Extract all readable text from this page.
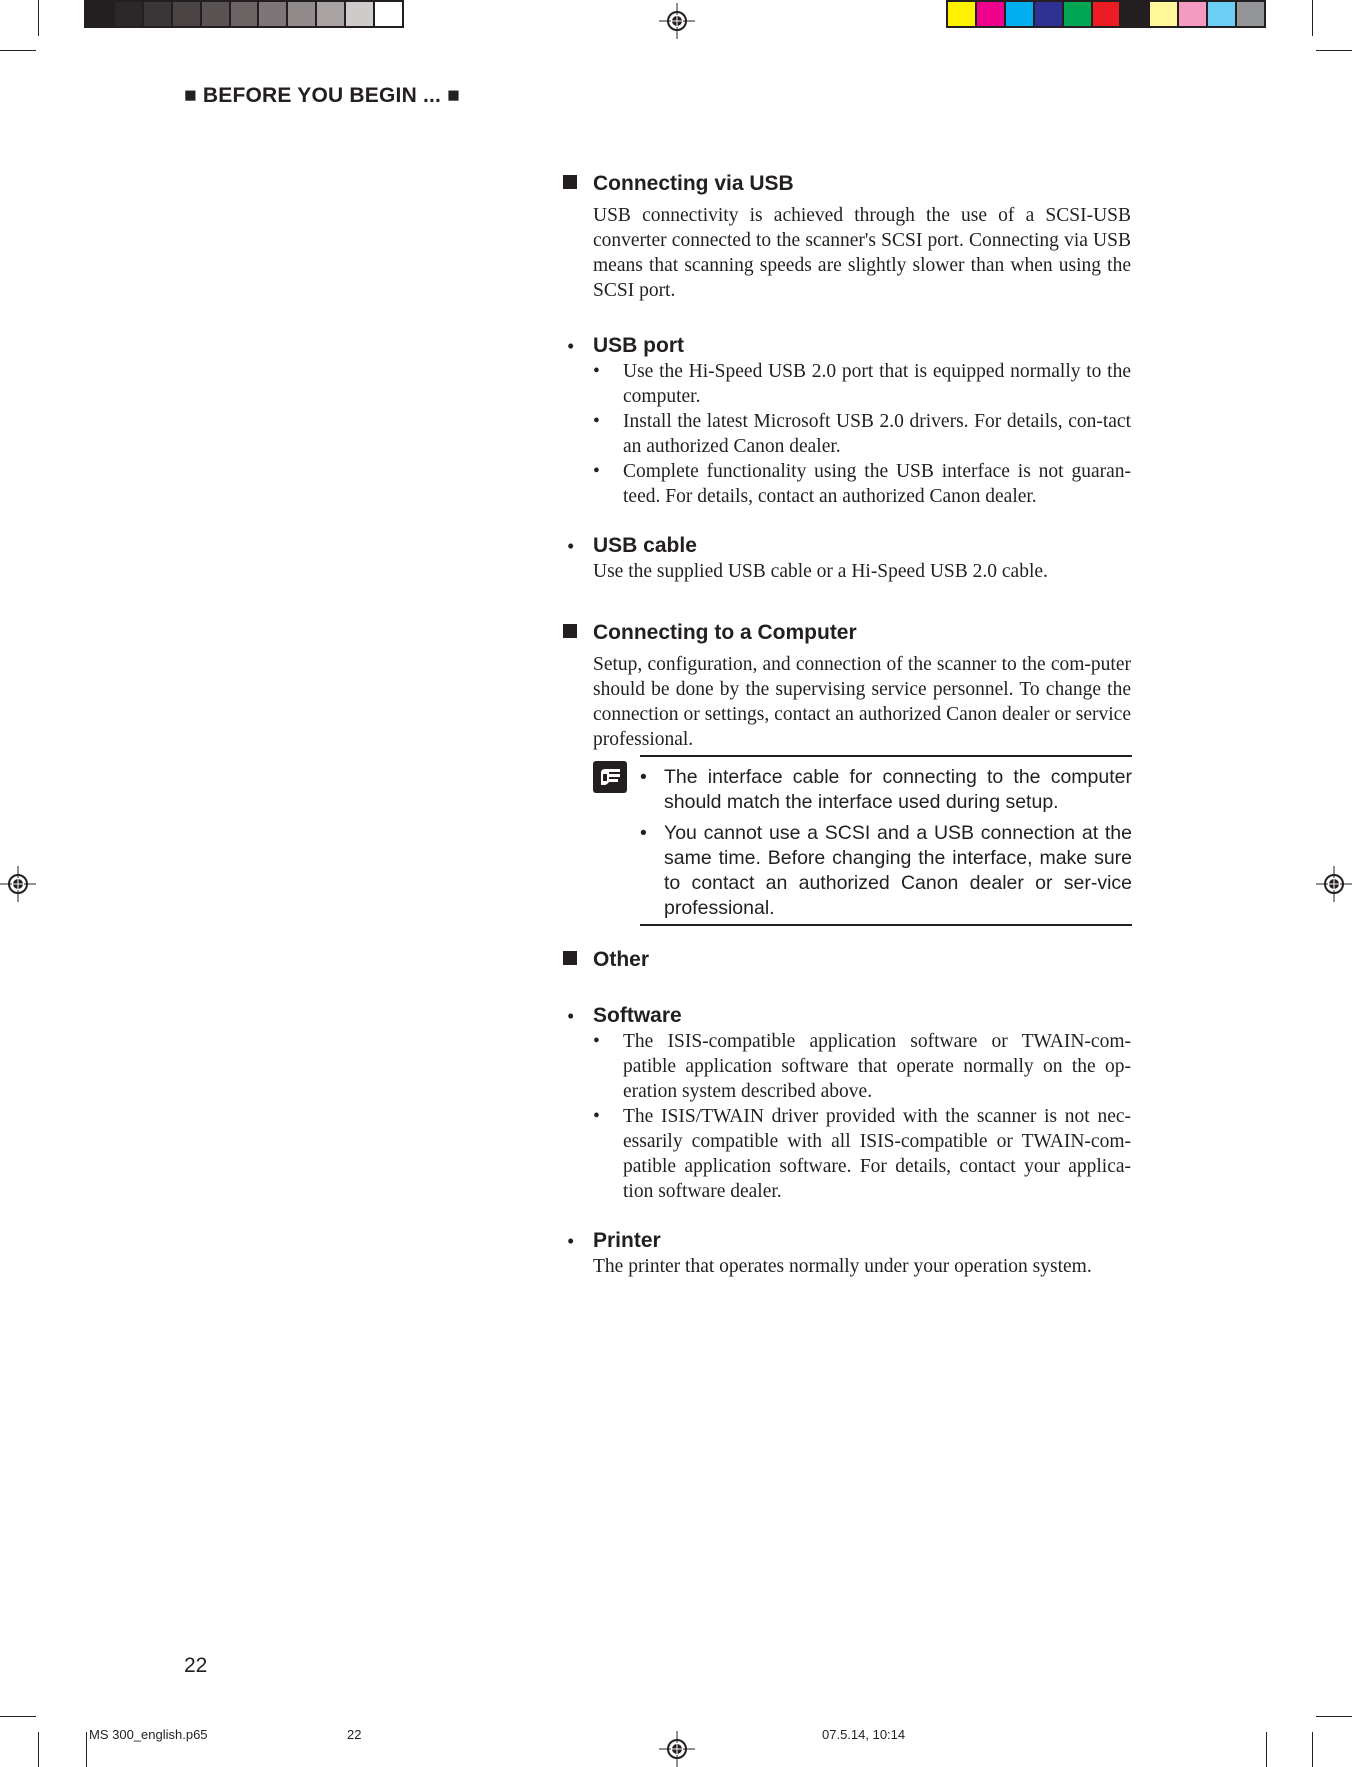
■ BEFORE YOU BEGIN ... ■
Connecting via USB
USB connectivity is achieved through the use of a SCSI-USB converter connected to the scanner's SCSI port. Connecting via USB means that scanning speeds are slightly slower than when using the SCSI port.
• USB port
• Use the Hi-Speed USB 2.0 port that is equipped normally to the computer.
• Install the latest Microsoft USB 2.0 drivers. For details, con-tact an authorized Canon dealer.
• Complete functionality using the USB interface is not guaran-teed. For details, contact an authorized Canon dealer.
• USB cable
Use the supplied USB cable or a Hi-Speed USB 2.0 cable.
Connecting to a Computer
Setup, configuration, and connection of the scanner to the com-puter should be done by the supervising service personnel. To change the connection or settings, contact an authorized Canon dealer or service professional.
• The interface cable for connecting to the computer should match the interface used during setup.
• You cannot use a SCSI and a USB connection at the same time. Before changing the interface, make sure to contact an authorized Canon dealer or ser-vice professional.
Other
• Software
• The ISIS-compatible application software or TWAIN-com-patible application software that operate normally on the op-eration system described above.
• The ISIS/TWAIN driver provided with the scanner is not nec-essarily compatible with all ISIS-compatible or TWAIN-com-patible application software. For details, contact your applica-tion software dealer.
• Printer
The printer that operates normally under your operation system.
22
MS 300_english.p65	22	07.5.14, 10:14
